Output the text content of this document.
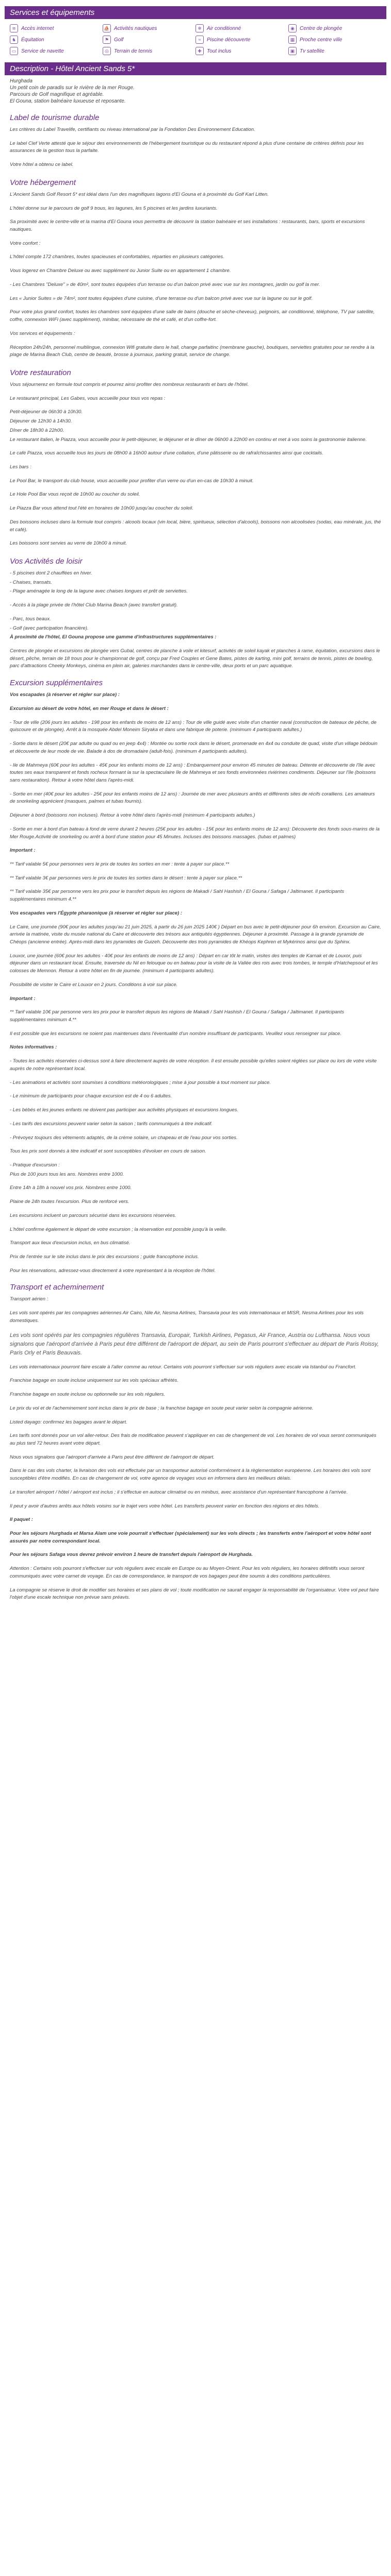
Services et équipements
≋	Accès internet	⛵ Activités nautiques	❄	Air conditionné	◉	Centre de plongée
♞ Équitation	⚑ Golf	≈	Piscine découverte	▦ Proche centre ville
▭ Service de navette	◎	Terrain de tennis	✚	Tout inclus	▣ Tv satellite
Description - Hôtel Ancient Sands 5*

Hurghada

Un petit coin de paradis sur le rivière de la mer Rouge.

Parcours de Golf magnifique et agréable.

El Gouna, station balnéaire luxueuse et reposante.

Label de tourisme durable

Les critères du Label Travelife, certifiants ou niveau international par la Fondation Des Environnement Education.

Le label Clef Verte attesté que le séjour des environnements de l'hébergement touristique ou du restaurant répond à plus d'une centaine de critères définis pour les assurances de la gestion tous la parfaite.

Votre hôtel a obtenu ce label.

Votre hébergement

L'Ancient Sands Golf Resort 5* est idéal dans l'un des magnifiques lagons d'El Gouna et à proximité du Golf Karl Litten.

L'hôtel donne sur le parcours de golf 9 trous, les lagunes, les 5 piscines et les jardins luxuriants.

Sa proximité avec le centre-ville et la marina d'El Gouna vous permettra de découvrir la station balnéaire et ses installations : restaurants, bars, sports et excursions nautiques.

Votre confort :

L'hôtel compte 172 chambres, toutes spacieuses et confortables, réparties en plusieurs catégories.

Vous logerez en Chambre Deluxe ou avec supplément ou Junior Suite ou en appartement 1 chambre.

- Les Chambres "Deluxe" » de 40m², sont toutes équipées d'un terrasse ou d'un balcon privé avec vue sur les montagnes, jardin ou golf la mer.

Les « Junior Suites » de 74m², sont toutes équipées d'une cuisine, d'une terrasse ou d'un balcon privé avec vue sur la lagune ou sur le golf.

Pour votre plus grand confort, toutes les chambres sont équipées d'une salle de bains (douche et sèche-cheveux), peignoirs, air conditionné, téléphone, TV par satellite, coffre, connexion WiFi (avec supplément), minibar, nécessaire de thé et café, et d'un coffre-fort.

Vos services et équipements :

Réception 24h/24h, personnel multilingue, connexion Wifi gratuite dans le hall, change parfaitinc (membrane gauche), boutiques, serviettes gratuites pour se rendre à la plage de Marina Beach Club, centre de beauté, brosse à journaux, parking gratuit, service de change.

Votre restauration

Vous séjournerez en formule tout compris et pourrez ainsi profiter des nombreux restaurants et bars de l'hôtel.

Le restaurant principal, Les Gabes, vous accueille pour tous vos repas :

Petit-déjeuner de 06h30 à 10h30.

Déjeuner de 12h30 à 14h30.

Dîner de 18h30 à 22h00.

Le restaurant italien, le Piazza, vous accueille pour le petit-déjeuner, le déjeuner et le dîner de 06h00 à 22h00 en continu et met à vos soins la gastronomie italienne.

Le café Piazza, vous accueille tous les jours de 08h00 à 16h00 autour d'une collation, d'une pâtisserie ou de rafraîchissantes ainsi que cocktails.

Les bars :

Le Pool Bar, le transport du club house, vous accueille pour profiter d'un verre ou d'un en-cas de 10h30 à minuit.

Le Hole Pool Bar vous reçoit de 10h00 au coucher du soleil.

Le Piazza Bar vous attend tout l'été en horaires de 10h00 jusqu'au coucher du soleil.

Des boissons incluses dans la formule tout compris : alcools locaux (vin local, bière, spiritueux, sélection d'alcools), boissons non alcoolisées (sodas, eau minérale, jus, thé et café).

Les boissons sont servies au verre de 10h00 à minuit.

Vos Activités de loisir

- 5 piscines dont 2 chauffées en hiver.

- Chaises, transats.

- Plage aménagée le long de la lagune avec chaises longues et prêt de serviettes.

- Accès à la plage privée de l'hôtel Club Marina Beach (avec transfert gratuit).

- Parc, tous beaux.

- Golf (avec participation financière).

À proximité de l'hôtel, El Gouna propose une gamme d'infrastructures supplémentaires :

Centres de plongée et excursions de plongée vers Gubal, centres de planche à voile et kitesurf, activités de soleil kayak et planches à rame, équitation, excursions dans le désert, pêche, terrain de 18 trous pour le championnat de golf, conçu par Fred Couples et Gene Bates, pistes de karting, mini golf, terrains de tennis, pistes de bowling, parc d'attractions Cheeky Monkeys, cinéma en plein air, galeries marchandes dans le centre-ville, deux ports et un parc aquatique.

Excursion supplémentaires

Vos escapades (à réserver et régler sur place) :

Excursion au désert de votre hôtel, en mer Rouge et dans le désert :

- Tour de ville (206 jours les adultes - 198 pour les enfants de moins de 12 ans) : Tour de ville guidé avec visite d'un chantier naval (construction de bateaux de pêche, de quiscoure et de plongée). Arrêt à la mosquée Abdel Moneim Siryaka et dans une fabrique de poterie. (minimum 4 participants adultes.)

- Sortie dans le désert (20€ par adulte ou quad ou en jeep 4x4) : Montée ou sortie rock dans le désert, promenade en 4x4 ou conduite de quad, visite d'un village bédouin et découverte de leur mode de vie. Balade à dos de dromadaire (adult-fois). (minimum 4 participants adultes).

- Ile de Mahmeya (60€ pour les adultes - 45€ pour les enfants moins de 12 ans) : Embarquement pour environ 45 minutes de bateau. Détente et découverte de l'île avec toutes ses eaux transparent et fonds rocheux formant la sur la spectaculaire île de Mahmeya et ses fonds environnées riviérines condiments. Déjeuner sur l'île (boissons sans restauration). Retour à votre hôtel dans l'après-midi.

- Sortie en mer (40€ pour les adultes - 25€ pour les enfants moins de 12 ans) : Journée de mer avec plusieurs arrêts et différents sites de récifs coralliens. Les amateurs de snorkeling apprécient (masques, palmes et tubas fournis).

Déjeuner à bord (boissons non incluses). Retour à votre hôtel dans l'après-midi (minimum 4 participants adultes.)

- Sortie en mer à bord d'un bateau à fond de verre durant 2 heures (25€ pour les adultes - 15€ pour les enfants moins de 12 ans): Découverte des fonds sous-marins de la Mer Rouge.Activité de snorkeling ou arrêt à bord d'une station pour 45 Minutes. Incluses des boissons massages. (tubas et palmes)

Important :

** Tarif valable 5€ pour personnes vers le prix de toutes les sorties en mer : tente à payer sur place.**

** Tarif valable 3€ par personnes vers le prix de toutes les sorties dans le désert : tente à payer sur place.**

** Tarif valable 35€ par personne vers les prix pour le transfert depuis les régions de Makadi / Sahl Hashish / El Gouna / Safaga / Jaltimanet. Il participants supplémentaires minimum 4.**

Vos escapades vers l'Égypte pharaonique (à réserver et régler sur place) :

Le Caire, une journée (90€ pour les adultes jusqu'au 21 juin 2025, à partir du 26 juin 2025 140€ ) Départ en bus avec le petit-déjeuner pour 6h environ. Excursion au Caire, arrivée la matinée, visite du musée national du Caire et découverte des trésors aux antiquités égyptiennes. Déjeuner à proximité. Passage à la grande pyramide de Chéops (ancienne entrée). Après-midi dans les pyramides de Guizeh. Découverte des trois pyramides de Khéops Kephren et Mykérinos ainsi que du Sphinx.

Louxor, une journée (60€ pour les adultes - 40€ pour les enfants de moins de 12 ans) : Départ en car tôt le matin, visites des temples de Karnak et de Louxor, puis déjeuner dans un restaurant local. Ensuite, traversée du Nil en felouque ou en bateau pour la visite de la Vallée des rois avec trois tombes, le temple d'Hatchepsout et les colosses de Memnon. Retour à votre hôtel en fin de journée. (minimum 4 participants adultes).

Possibilité de visiter le Caire et Louxor en 2 jours. Conditions à voir sur place.

Important :

** Tarif valable 10€ par personne vers les prix pour le transfert depuis les régions de Makadi / Sahl Hashish / El Gouna / Safaga / Jaltimanet. Il participants supplémentaires minimum 4.**

Il est possible que les excursions ne soient pas maintenues dans l'éventualité d'un nombre insuffisant de participants. Veuillez vous renseigner sur place.

Notes informatives :

- Toutes les activités réservées ci-dessus sont à faire directement auprès de votre réception. Il est ensuite possible qu'elles soient réglées sur place ou lors de votre visite auprès de notre représentant local.

- Les animations et activités sont soumises à conditions météorologiques ; mise à jour possible à tout moment sur place.

- Le minimum de participants pour chaque excursion est de 4 ou 6 adultes.

- Les bébés et les jeunes enfants ne doivent pas participer aux activités physiques et excursions longues.

- Les tarifs des excursions peuvent varier selon la saison ; tarifs communiqués à titre indicatif.

- Prévoyez toujours des vêtements adaptés, de la crème solaire, un chapeau et de l'eau pour vos sorties.

Tous les prix sont donnés à titre indicatif et sont susceptibles d'évoluer en cours de saison.

- Pratique d'excursion :

Plus de 100 jours tous les ans. Nombres entre 1000.

Entre 14h à 18h à nouvel vos prix. Nombres entre 1000.

Plaine de 24h toutes l'excursion. Plus de renforcé vers.

Les excursions incluent un parcours sécurisé dans les excursions réservées.

L'hôtel confirme également le départ de votre excursion ; la réservation est possible jusqu'à la veille.

Transport aux lieux d'excursion inclus, en bus climatisé.

Prix de l'entrée sur le site inclus dans le prix des excursions ; guide francophone inclus.

Pour les réservations, adressez-vous directement à votre représentant à la réception de l'hôtel.

Transport et acheminement

Transport aérien :

Les vols sont opérés par les compagnies aériennes Air Cairo, Nile Air, Nesma Airlines, Transavia pour les vols internationaux et MISR, Nesma Airlines pour les vols domestiques.

Les vols sont opérés par les compagnies régulières Transavia, Europair, Turkish Airlines, Pegasus, Air France, Austria ou Lufthansa. Nous vous signalons que l'aéroport d'arrivée à Paris peut être différent de l'aéroport de départ, au sein de Paris pourront s'effectuer au départ de Paris Roissy, Paris Orly et Paris Beauvais.

Les vols internationaux pourront faire escale à l'aller comme au retour. Certains vols pourront s'effectuer sur vols réguliers avec escale via Istanbul ou Francfort.

Franchise bagage en soute incluse uniquement sur les vols spéciaux affrétés.

Franchise bagage en soute incluse ou optionnelle sur les vols réguliers.

Le prix du vol et de l'acheminement sont inclus dans le prix de base ; la franchise bagage en soute peut varier selon la compagnie aérienne.

Listed dayago: confirmez les bagages avant le départ.

Les tarifs sont donnés pour un vol aller-retour. Des frais de modification peuvent s'appliquer en cas de changement de vol. Les horaires de vol vous seront communiqués au plus tard 72 heures avant votre départ.

Nous vous signalons que l'aéroport d'arrivée à Paris peut être différent de l'aéroport de départ.

Dans le cas des vols charter, la livraison des vols est effectuée par un transporteur autorisé conformément à la règlementation européenne. Les horaires des vols sont susceptibles d'être modifiés. En cas de changement de vol, votre agence de voyages vous en informera dans les meilleurs délais.

Le transfert aéroport / hôtel / aéroport est inclus ; il s'effectue en autocar climatisé ou en minibus, avec assistance d'un représentant francophone à l'arrivée.

Il peut y avoir d'autres arrêts aux hôtels voisins sur le trajet vers votre hôtel. Les transferts peuvent varier en fonction des régions et des hôtels.

Il paquet :

Pour les séjours Hurghada et Marsa Alam une voie pourrait s'effectuer (spécialement) sur les vols directs ; les transferts entre l'aéroport et votre hôtel sont assurés par notre correspondant local.

Pour les séjours Safaga vous devrez prévoir environ 1 heure de transfert depuis l'aéroport de Hurghada.

Attention : Certains vols pourront s'effectuer sur vols réguliers avec escale en Europe ou au Moyen-Orient. Pour les vols réguliers, les horaires définitifs vous seront communiqués avec votre carnet de voyage. En cas de correspondance, le transport de vos bagages peut être soumis à des conditions particulières.

La compagnie se réserve le droit de modifier ses horaires et ses plans de vol ; toute modification ne saurait engager la responsabilité de l'organisateur. Votre vol peut faire l'objet d'une escale technique non prévue sans préavis.
